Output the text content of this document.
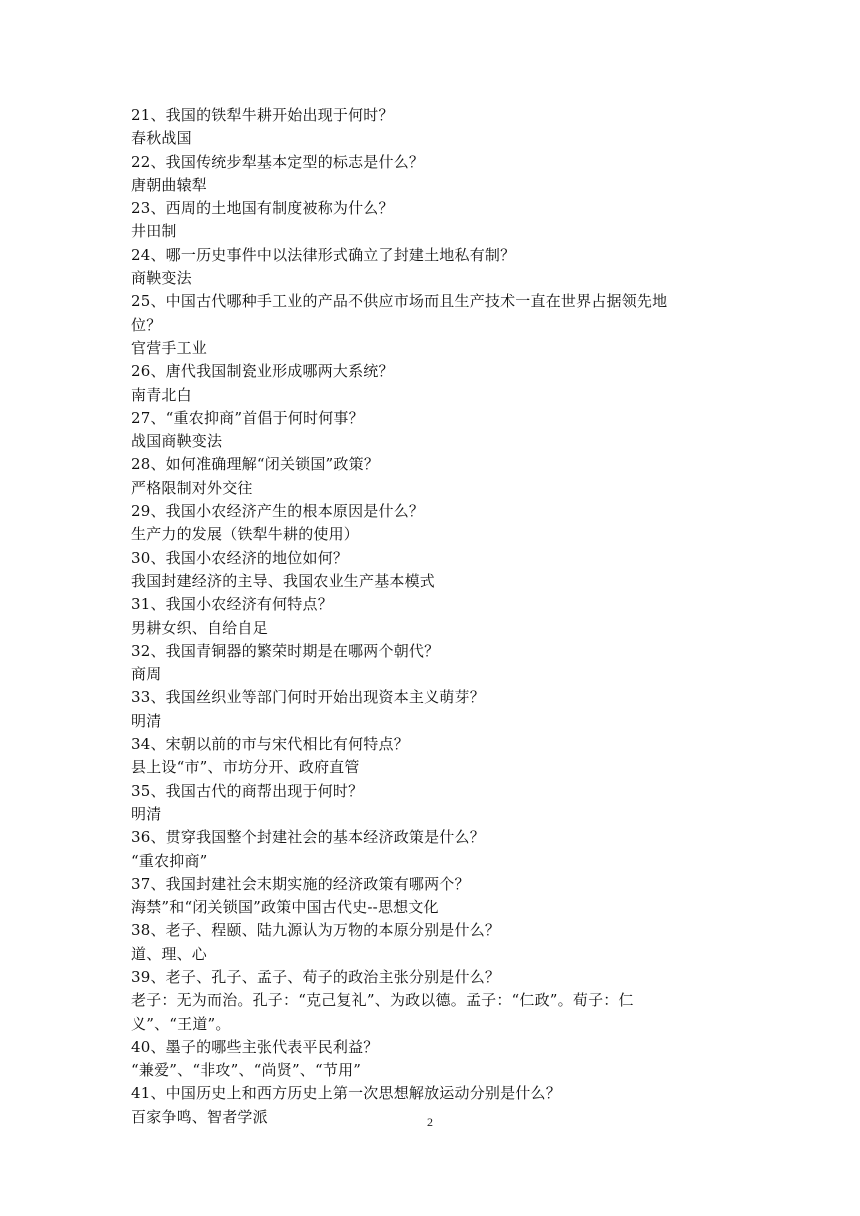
21、我国的铁犁牛耕开始出现于何时？
春秋战国
22、我国传统步犁基本定型的标志是什么？
唐朝曲辕犁
23、西周的土地国有制度被称为什么？
井田制
24、哪一历史事件中以法律形式确立了封建土地私有制？
商鞅变法
25、中国古代哪种手工业的产品不供应市场而且生产技术一直在世界占据领先地
位？
官营手工业
26、唐代我国制瓷业形成哪两大系统？
南青北白
27、“重农抑商”首倡于何时何事？
战国商鞅变法
28、如何准确理解“闭关锁国”政策？
严格限制对外交往
29、我国小农经济产生的根本原因是什么？
生产力的发展（铁犁牛耕的使用）
30、我国小农经济的地位如何？
我国封建经济的主导、我国农业生产基本模式
31、我国小农经济有何特点？
男耕女织、自给自足
32、我国青铜器的繁荣时期是在哪两个朝代？
商周
33、我国丝织业等部门何时开始出现资本主义萌芽？
明清
34、宋朝以前的市与宋代相比有何特点？
县上设“市”、市坊分开、政府直管
35、我国古代的商帮出现于何时？
明清
36、贯穿我国整个封建社会的基本经济政策是什么？
“重农抑商”
37、我国封建社会末期实施的经济政策有哪两个？
海禁”和“闭关锁国”政策中国古代史--思想文化
38、老子、程颐、陆九源认为万物的本原分别是什么？
道、理、心
39、老子、孔子、孟子、荀子的政治主张分别是什么？
老子：无为而治。孔子：“克己复礼”、为政以德。孟子：“仁政”。荀子：仁
义”、“王道”。
40、墨子的哪些主张代表平民利益？
“兼爱”、“非攻”、“尚贤”、“节用”
41、中国历史上和西方历史上第一次思想解放运动分别是什么？
百家争鸣、智者学派	2
